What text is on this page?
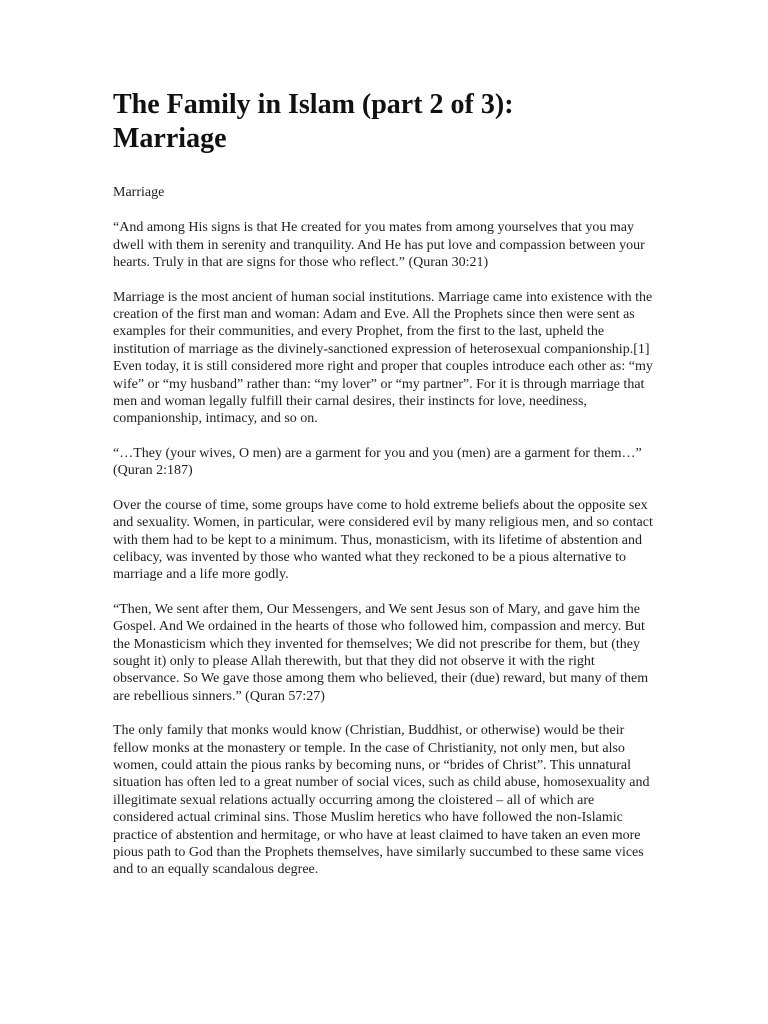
The Family in Islam (part 2 of 3):
Marriage

Marriage

“And among His signs is that He created for you mates from among yourselves that you may dwell with them in serenity and tranquility. And He has put love and compassion between your hearts. Truly in that are signs for those who reflect.” (Quran 30:21)

Marriage is the most ancient of human social institutions. Marriage came into existence with the creation of the first man and woman: Adam and Eve. All the Prophets since then were sent as examples for their communities, and every Prophet, from the first to the last, upheld the institution of marriage as the divinely-sanctioned expression of heterosexual companionship.[1] Even today, it is still considered more right and proper that couples introduce each other as: “my wife” or “my husband” rather than: “my lover” or “my partner”. For it is through marriage that men and woman legally fulfill their carnal desires, their instincts for love, neediness, companionship, intimacy, and so on.

“…They (your wives, O men) are a garment for you and you (men) are a garment for them…” (Quran 2:187)

Over the course of time, some groups have come to hold extreme beliefs about the opposite sex and sexuality. Women, in particular, were considered evil by many religious men, and so contact with them had to be kept to a minimum. Thus, monasticism, with its lifetime of abstention and celibacy, was invented by those who wanted what they reckoned to be a pious alternative to marriage and a life more godly.

“Then, We sent after them, Our Messengers, and We sent Jesus son of Mary, and gave him the Gospel. And We ordained in the hearts of those who followed him, compassion and mercy. But the Monasticism which they invented for themselves; We did not prescribe for them, but (they sought it) only to please Allah therewith, but that they did not observe it with the right observance. So We gave those among them who believed, their (due) reward, but many of them are rebellious sinners.” (Quran 57:27)

The only family that monks would know (Christian, Buddhist, or otherwise) would be their fellow monks at the monastery or temple. In the case of Christianity, not only men, but also women, could attain the pious ranks by becoming nuns, or “brides of Christ”. This unnatural situation has often led to a great number of social vices, such as child abuse, homosexuality and illegitimate sexual relations actually occurring among the cloistered – all of which are considered actual criminal sins. Those Muslim heretics who have followed the non-Islamic practice of abstention and hermitage, or who have at least claimed to have taken an even more pious path to God than the Prophets themselves, have similarly succumbed to these same vices and to an equally scandalous degree.
